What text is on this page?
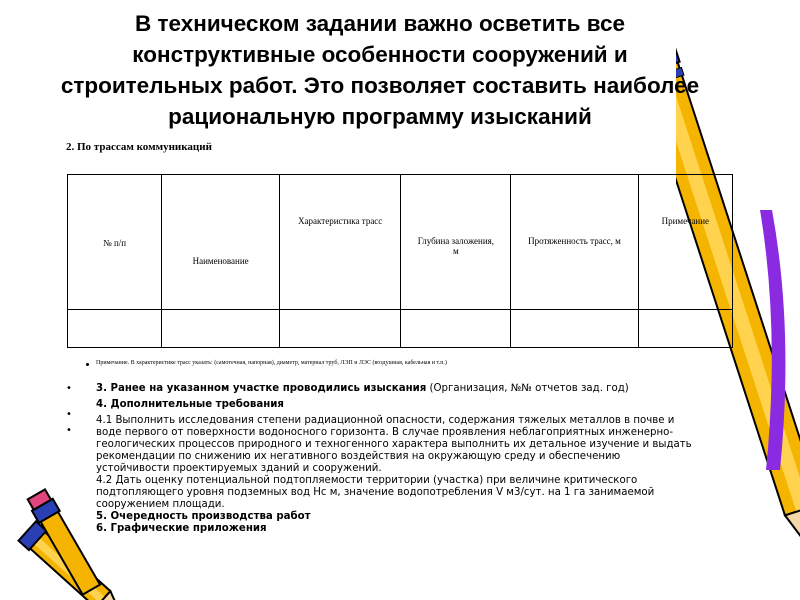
В техническом задании важно осветить все конструктивные особенности сооружений и строительных работ. Это позволяет составить наиболее рациональную программу изысканий
2. По трассам коммуникаций
№ п/п	Наименование	Характеристика трасс	Глубина заложения, м	Протяженность трасс, м	Примечание

Примечание. В характеристике трасс указать: (самотечная, напорная), диаметр, материал труб, ЛЭП и ЛЭС (воздушная, кабельная и т.п.)
•
•
•

3. Ранее на указанном участке проводились изыскания (Организация, №№ отчетов зад. год)

4. Дополнительные требования

4.1 Выполнить исследования степени радиационной опасности, содержания тяжелых металлов в почве и воде первого от поверхности водоносного горизонта. В случае проявления неблагоприятных инженерно-геологических процессов природного и техногенного характера выполнить их детальное изучение и выдать рекомендации по снижению их негативного воздействия на окружающую среду и обеспечению устойчивости проектируемых зданий и сооружений.

4.2 Дать оценку потенциальной подтопляемости территории (участка) при величине критического подтопляющего уровня подземных вод Нс м, значение водопотребления V м3/сут. на 1 га занимаемой сооружением площади.

5. Очередность производства работ

6. Графические приложения
